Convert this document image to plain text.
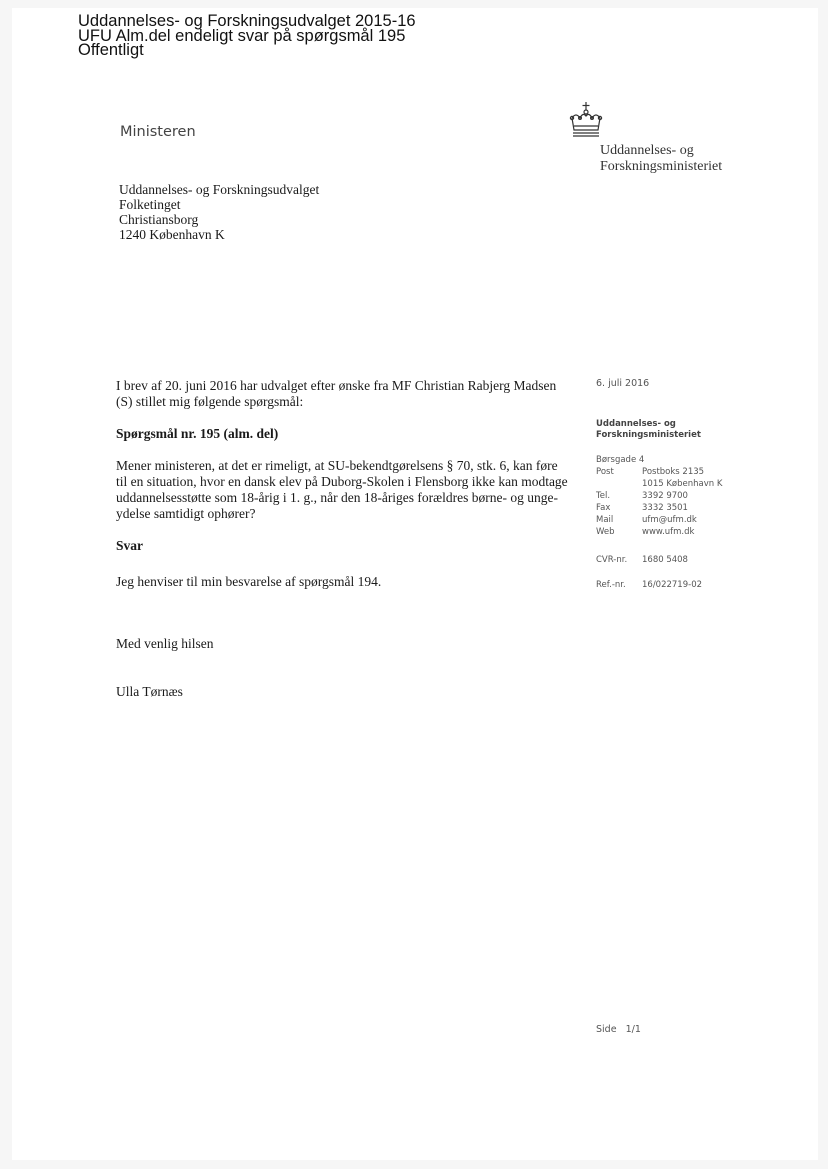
Uddannelses- og Forskningsudvalget 2015-16
UFU Alm.del endeligt svar på spørgsmål 195
Offentligt
Ministeren
Uddannelses- og
Forskningsministeriet
Uddannelses- og Forskningsudvalget
Folketinget
Christiansborg
1240 København K
I brev af 20. juni 2016 har udvalget efter ønske fra MF Christian Rabjerg Madsen
(S) stillet mig følgende spørgsmål:
Spørgsmål nr. 195 (alm. del)
Mener ministeren, at det er rimeligt, at SU-bekendtgørelsens § 70, stk. 6, kan føre
til en situation, hvor en dansk elev på Duborg-Skolen i Flensborg ikke kan modtage
uddannelsesstøtte som 18-årig i 1. g., når den 18-åriges forældres børne- og unge-
ydelse samtidigt ophører?
Svar
Jeg henviser til min besvarelse af spørgsmål 194.
Med venlig hilsen
Ulla Tørnæs
6. juli 2016
Uddannelses- og
Forskningsministeriet
Børsgade 4
Post	Postboks 2135
1015 København K
Tel.	3392 9700
Fax	3332 3501
Mail	ufm@ufm.dk
Web	www.ufm.dk
CVR-nr. 1680 5408
Ref.-nr. 16/022719-02
Side 1/1
